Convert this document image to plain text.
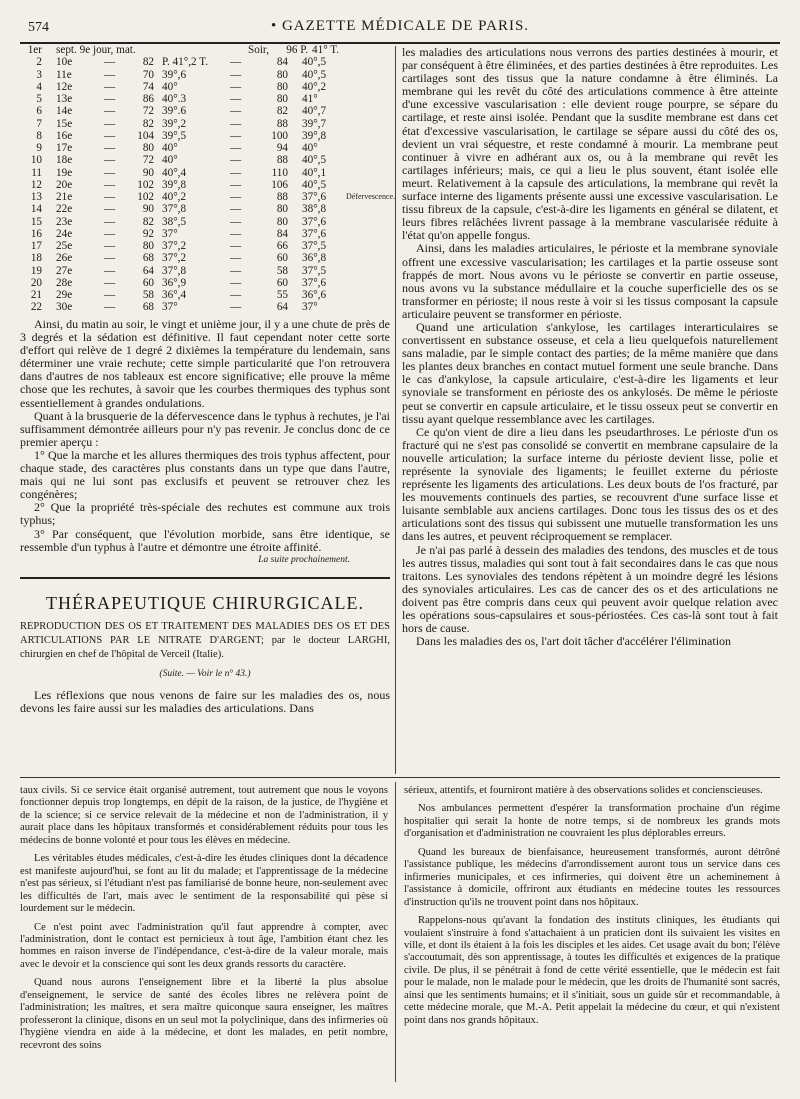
574	• GAZETTE MÉDICALE DE PARIS.
1er sept. 9e jour, mat.	Soir,	96 P. 41° T.
2 10e	—	82 P. 41°,2 T. —	84 40°,5
3 11e	—	70 39°,6	—	80 40°,5
4 12e	—	74 40°	—	80 40°,2
5 13e	—	86 40°.3	—	80 41°
6 14e	—	72 39°.6	—	82 40°,7
7 15e	—	82 39°,2	—	88 39°,7
8 16e	—	104 39°,5	—	100 39°,8
9 17e	—	80 40°	—	94 40°
10 18e	—	72 40°	—	88 40°,5
11 19e	—	90 40°,4	—	110 40°,1
12 20e	—	102 39°,8	—	106 40°,5
13 21e	—	102 40°,2	—	88 37°,6 Défervescence.
14 22e	—	90 37°,8	—	80 38°,8
15 23e	—	82 38°,5	—	80 37°,6
16 24e	—	92 37°	—	84 37°,6
17 25e	—	80 37°,2	—	66 37°,5
18 26e	—	68 37°,2	—	60 36°,8
19 27e	—	64 37°,8	—	58 37°,5
20 28e	—	60 36°,9	—	60 37°,6
21 29e	—	58 36°,4	—	55 36°,6
22 30e	—	68 37°	—	64 37°

Ainsi, du matin au soir, le vingt et unième jour, il y a une chute de près de 3 degrés et la sédation est définitive. Il faut cependant noter cette sorte d'effort qui relève de 1 degré 2 dixièmes la température du lendemain, sans déterminer une vraie rechute; cette simple particularité que l'on retrouvera dans d'autres de nos tableaux est encore significative; elle prouve la même chose que les rechutes, à savoir que les courbes thermiques des typhus sont essentiellement à grandes ondulations.

Quant à la brusquerie de la défervescence dans le typhus à rechutes, je l'ai suffisamment démontrée ailleurs pour n'y pas revenir. Je conclus donc de ce premier aperçu :

1° Que la marche et les allures thermiques des trois typhus affectent, pour chaque stade, des caractères plus constants dans un type que dans l'autre, mais qui ne lui sont pas exclusifs et peuvent se retrouver chez les congénères;

2° Que la propriété très-spéciale des rechutes est commune aux trois typhus;

3° Par conséquent, que l'évolution morbide, sans être identique, se ressemble d'un typhus à l'autre et démontre une étroite affinité.

La suite prochainement.

THÉRAPEUTIQUE CHIRURGICALE.

REPRODUCTION DES OS ET TRAITEMENT DES MALADIES DES OS ET DES ARTICULATIONS PAR LE NITRATE D'ARGENT; par le docteur LARGHI, chirurgien en chef de l'hôpital de Verceil (Italie).

(Suite. — Voir le n° 43.)

Les réflexions que nous venons de faire sur les maladies des os, nous devons les faire aussi sur les maladies des articulations. Dans

les maladies des articulations nous verrons des parties destinées à mourir, et par conséquent à être éliminées, et des parties destinées à être reproduites. Les cartilages sont des tissus que la nature condamne à être éliminés. La membrane qui les revêt du côté des articulations commence à être atteinte d'une excessive vascularisation : elle devient rouge pourpre, se sépare du cartilage, et reste ainsi isolée. Pendant que la susdite membrane est dans cet état d'excessive vascularisation, le cartilage se sépare aussi du côté des os, devient un vrai séquestre, et reste condamné à mourir. La membrane peut continuer à vivre en adhérant aux os, ou à la membrane qui revêt les cartilages inférieurs; mais, ce qui a lieu le plus souvent, étant isolée elle meurt. Relativement à la capsule des articulations, la membrane qui revêt la surface interne des ligaments présente aussi une excessive vascularisation. Le tissu fibreux de la capsule, c'est-à-dire les ligaments en général se dilatent, et leurs fibres relâchées livrent passage à la membrane vascularisée réduite à l'état qu'on appelle fongus.

Ainsi, dans les maladies articulaires, le périoste et la membrane synoviale offrent une excessive vascularisation; les cartilages et la partie osseuse sont frappés de mort. Nous avons vu le périoste se convertir en partie osseuse, nous avons vu la substance médullaire et la couche superficielle des os se transformer en périoste; il nous reste à voir si les tissus composant la capsule articulaire peuvent se transformer en périoste.

Quand une articulation s'ankylose, les cartilages interarticulaires se convertissent en substance osseuse, et cela a lieu quelquefois naturellement sans maladie, par le simple contact des parties; de la même manière que dans les plantes deux branches en contact mutuel forment une seule branche. Dans le cas d'ankylose, la capsule articulaire, c'est-à-dire les ligaments et leur synoviale se transforment en périoste des os ankylosés. De même le périoste peut se convertir en capsule articulaire, et le tissu osseux peut se convertir en tissu ayant quelque ressemblance avec les cartilages.

Ce qu'on vient de dire a lieu dans les pseudarthroses. Le périoste d'un os fracturé qui ne s'est pas consolidé se convertit en membrane capsulaire de la nouvelle articulation; la surface interne du périoste devient lisse, polie et représente la synoviale des ligaments; le feuillet externe du périoste représente les ligaments des articulations. Les deux bouts de l'os fracturé, par les mouvements continuels des parties, se recouvrent d'une surface lisse et luisante semblable aux anciens cartilages. Donc tous les tissus des os et des articulations sont des tissus qui subissent une mutuelle transformation les uns dans les autres, et peuvent réciproquement se remplacer.

Je n'ai pas parlé à dessein des maladies des tendons, des muscles et de tous les autres tissus, maladies qui sont tout à fait secondaires dans le cas que nous traitons. Les synoviales des tendons répètent à un moindre degré les lésions des synoviales articulaires. Les cas de cancer des os et des articulations ne doivent pas être compris dans ceux qui peuvent avoir quelque relation avec les opérations sous-capsulaires et sous-périostées. Ces cas-là sont tout à fait hors de cause.

Dans les maladies des os, l'art doit tâcher d'accélérer l'élimination

taux civils. Si ce service était organisé autrement, tout autrement que nous le voyons fonctionner depuis trop longtemps, en dépit de la raison, de la justice, de l'hygiène et de la science; si ce service relevait de la médecine et non de l'administration, il y aurait place dans les hôpitaux transformés et considérablement réduits pour tous les médecins de bonne volonté et pour tous les élèves en médecine.

Les véritables études médicales, c'est-à-dire les études cliniques dont la décadence est manifeste aujourd'hui, se font au lit du malade; et l'apprentissage de la médecine n'est pas sérieux, si l'étudiant n'est pas familiarisé de bonne heure, non-seulement avec les difficultés de l'art, mais avec le sentiment de la responsabilité qui pèse si lourdement sur le médecin.

Ce n'est point avec l'administration qu'il faut apprendre à compter, avec l'administration, dont le contact est pernicieux à tout âge, l'ambition étant chez les hommes en raison inverse de l'indépendance, c'est-à-dire de la valeur morale, mais avec le devoir et la conscience qui sont les deux grands ressorts du caractère.

Quand nous aurons l'enseignement libre et la liberté la plus absolue d'enseignement, le service de santé des écoles libres ne relèvera point de l'administration; les maîtres, et sera maître quiconque saura enseigner, les maîtres professeront la clinique, disons en un seul mot la polyclinique, dans des infirmeries où l'hygiène viendra en aide à la médecine, et dont les malades, en petit nombre, recevront des soins

sérieux, attentifs, et fourniront matière à des observations solides et concienscieuses.

Nos ambulances permettent d'espérer la transformation prochaine d'un régime hospitalier qui serait la honte de notre temps, si de nombreux les grands mots d'organisation et d'administration ne couvraient les plus déplorables erreurs.

Quand les bureaux de bienfaisance, heureusement transformés, auront détrôné l'assistance publique, les médecins d'arrondissement auront tous un service dans ces infirmeries municipales, et ces infirmeries, qui doivent être un acheminement à l'assistance à domicile, offriront aux étudiants en médecine toutes les ressources d'instruction qu'ils ne trouvent point dans nos hôpitaux.

Rappelons-nous qu'avant la fondation des instituts cliniques, les étudiants qui voulaient s'instruire à fond s'attachaient à un praticien dont ils suivaient les visites en ville, et dont ils étaient à la fois les disciples et les aides. Cet usage avait du bon; l'élève s'accoutumait, dès son apprentissage, à toutes les difficultés et exigences de la pratique civile. De plus, il se pénétrait à fond de cette vérité essentielle, que le médecin est fait pour le malade, non le malade pour le médecin, que les droits de l'humanité sont sacrés, ainsi que les sentiments humains; et il s'initiait, sous un guide sûr et recommandable, à cette médecine morale, que M.-A. Petit appelait la médecine du cœur, et qui n'existent point dans nos grands hôpitaux.
